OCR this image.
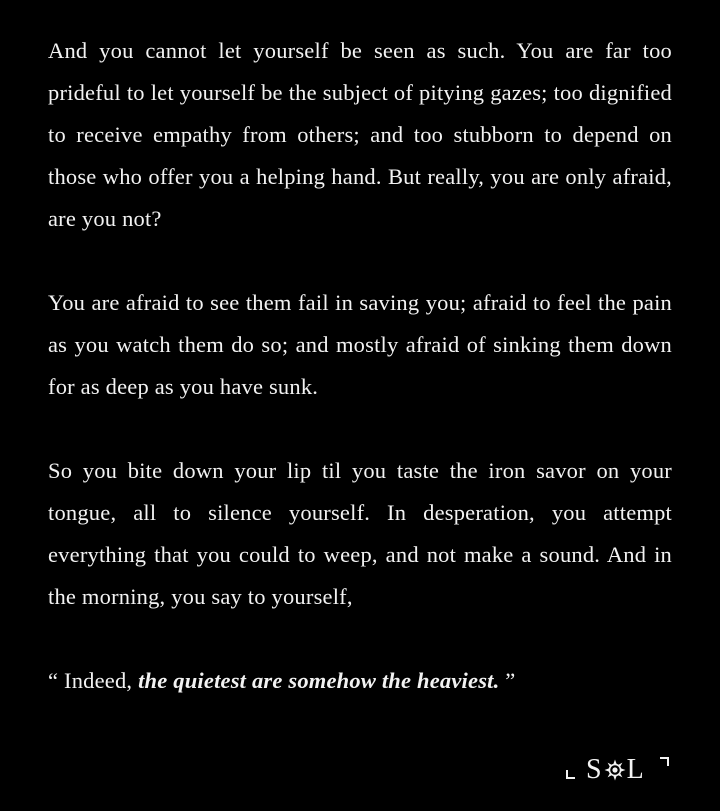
And you cannot let yourself be seen as such. You are far too prideful to let yourself be the subject of pitying gazes; too dignified to receive empathy from others; and too stubborn to depend on those who offer you a helping hand. But really, you are only afraid, are you not?

You are afraid to see them fail in saving you; afraid to feel the pain as you watch them do so; and mostly afraid of sinking them down for as deep as you have sunk.

So you bite down your lip til you taste the iron savor on your tongue, all to silence yourself. In desperation, you attempt everything that you could to weep, and not make a sound. And in the morning, you say to yourself,

“ Indeed, the quietest are somehow the heaviest. ”

S L
